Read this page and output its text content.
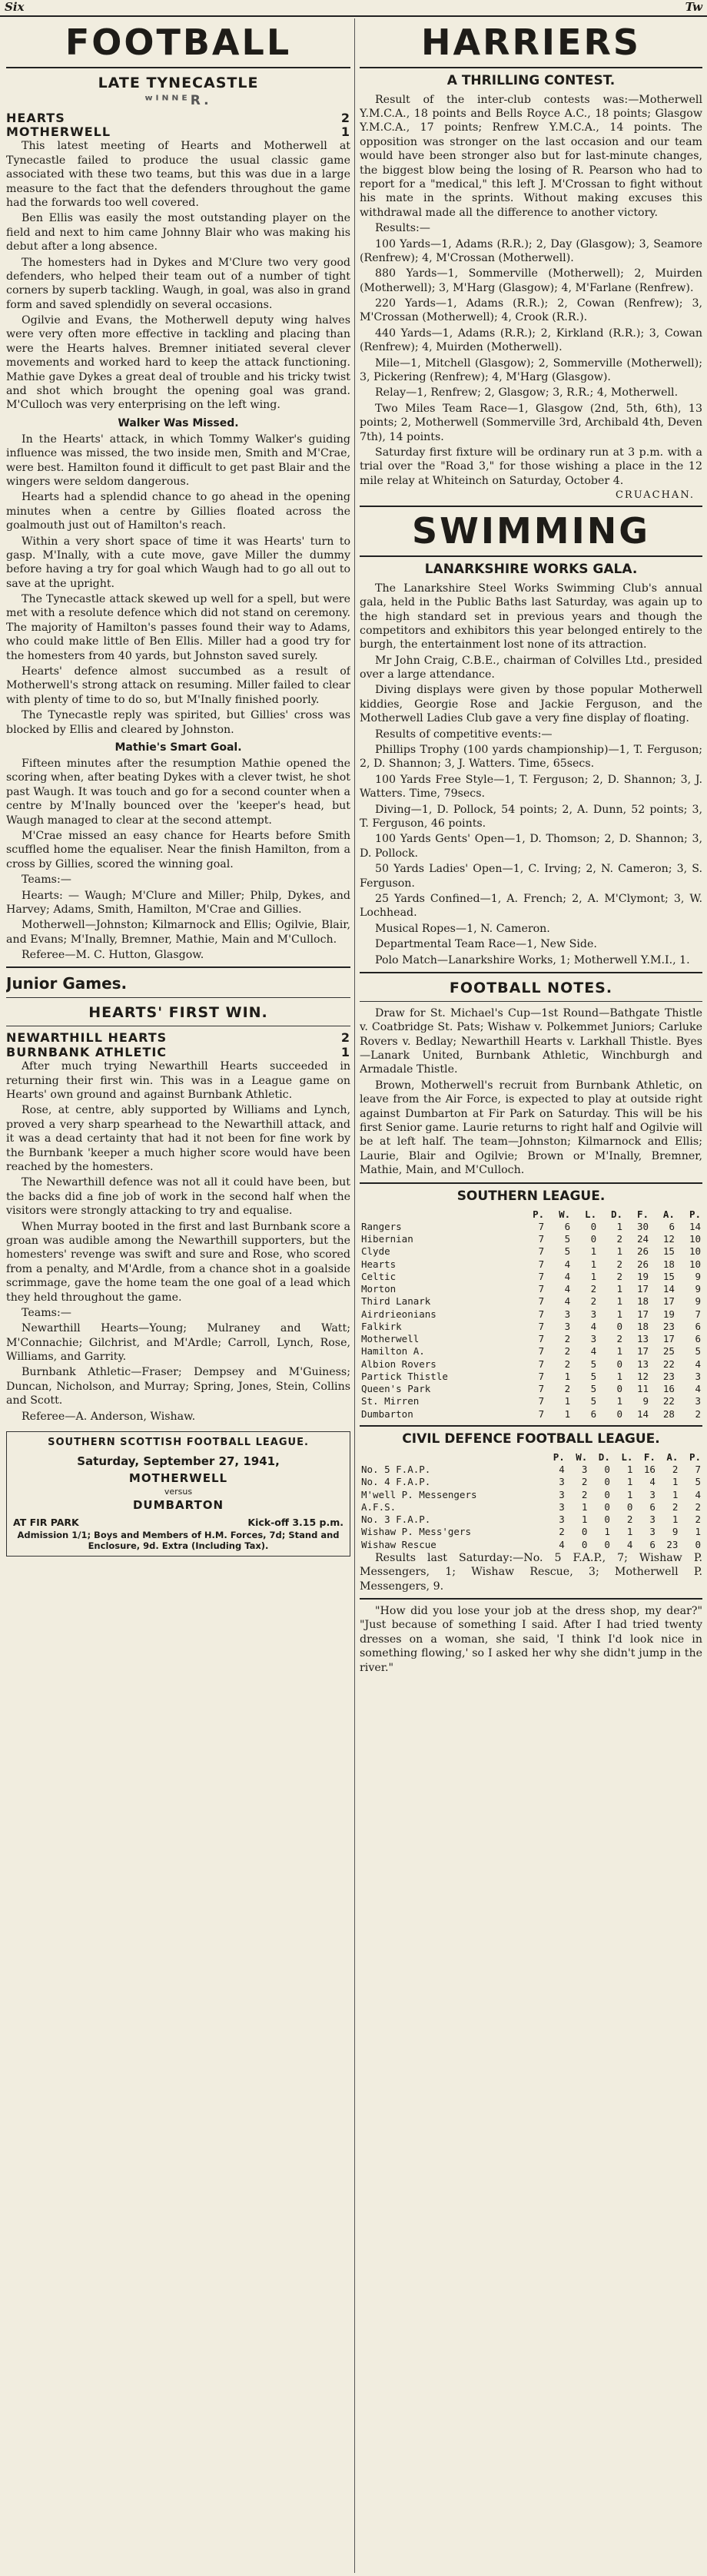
Six	Tw
FOOTBALL
LATE TYNECASTLE
ʷᴵᴺᴺᴱR.
HEARTS	2
MOTHERWELL	1

This latest meeting of Hearts and Motherwell at Tynecastle failed to produce the usual classic game associated with these two teams, but this was due in a large measure to the fact that the defenders throughout the game had the forwards too well covered.

Ben Ellis was easily the most outstanding player on the field and next to him came Johnny Blair who was making his debut after a long absence.

The homesters had in Dykes and M'Clure two very good defenders, who helped their team out of a number of tight corners by superb tackling. Waugh, in goal, was also in grand form and saved splendidly on several occasions.

Ogilvie and Evans, the Motherwell deputy wing halves were very often more effective in tackling and placing than were the Hearts halves. Bremner initiated several clever movements and worked hard to keep the attack functioning. Mathie gave Dykes a great deal of trouble and his tricky twist and shot which brought the opening goal was grand. M'Culloch was very enterprising on the left wing.

Walker Was Missed.

In the Hearts' attack, in which Tommy Walker's guiding influence was missed, the two inside men, Smith and M'Crae, were best. Hamilton found it difficult to get past Blair and the wingers were seldom dangerous.

Hearts had a splendid chance to go ahead in the opening minutes when a centre by Gillies floated across the goalmouth just out of Hamilton's reach.

Within a very short space of time it was Hearts' turn to gasp. M'Inally, with a cute move, gave Miller the dummy before having a try for goal which Waugh had to go all out to save at the upright.

The Tynecastle attack skewed up well for a spell, but were met with a resolute defence which did not stand on ceremony. The majority of Hamilton's passes found their way to Adams, who could make little of Ben Ellis. Miller had a good try for the homesters from 40 yards, but Johnston saved surely.

Hearts' defence almost succumbed as a result of Motherwell's strong attack on resuming. Miller failed to clear with plenty of time to do so, but M'Inally finished poorly.

The Tynecastle reply was spirited, but Gillies' cross was blocked by Ellis and cleared by Johnston.

Mathie's Smart Goal.

Fifteen minutes after the resumption Mathie opened the scoring when, after beating Dykes with a clever twist, he shot past Waugh. It was touch and go for a second counter when a centre by M'Inally bounced over the 'keeper's head, but Waugh managed to clear at the second attempt.

M'Crae missed an easy chance for Hearts before Smith scuffled home the equaliser. Near the finish Hamilton, from a cross by Gillies, scored the winning goal.

Teams:—

Hearts: — Waugh; M'Clure and Miller; Philp, Dykes, and Harvey; Adams, Smith, Hamilton, M'Crae and Gillies.

Motherwell—Johnston; Kilmarnock and Ellis; Ogilvie, Blair, and Evans; M'Inally, Bremner, Mathie, Main and M'Culloch.

Referee—M. C. Hutton, Glasgow.

Junior Games.
HEARTS' FIRST WIN.
NEWARTHILL HEARTS	2
BURNBANK ATHLETIC	1

After much trying Newarthill Hearts succeeded in returning their first win. This was in a League game on Hearts' own ground and against Burnbank Athletic.

Rose, at centre, ably supported by Williams and Lynch, proved a very sharp spearhead to the Newarthill attack, and it was a dead certainty that had it not been for fine work by the Burnbank 'keeper a much higher score would have been reached by the homesters.

The Newarthill defence was not all it could have been, but the backs did a fine job of work in the second half when the visitors were strongly attacking to try and equalise.

When Murray booted in the first and last Burnbank score a groan was audible among the Newarthill supporters, but the homesters' revenge was swift and sure and Rose, who scored from a penalty, and M'Ardle, from a chance shot in a goalside scrimmage, gave the home team the one goal of a lead which they held throughout the game.

Teams:—

Newarthill Hearts—Young; Mulraney and Watt; M'Connachie; Gilchrist, and M'Ardle; Carroll, Lynch, Rose, Williams, and Garrity.

Burnbank Athletic—Fraser; Dempsey and M'Guiness; Duncan, Nicholson, and Murray; Spring, Jones, Stein, Collins and Scott.

Referee—A. Anderson, Wishaw.

SOUTHERN SCOTTISH FOOTBALL LEAGUE.
Saturday, September 27, 1941,
MOTHERWELL
versus
DUMBARTON
AT FIR PARK	Kick-off 3.15 p.m.
Admission 1/1; Boys and Members of H.M. Forces, 7d; Stand and Enclosure, 9d. Extra (Including Tax).
HARRIERS
A THRILLING CONTEST.

Result of the inter-club contests was:—Motherwell Y.M.C.A., 18 points and Bells Royce A.C., 18 points; Glasgow Y.M.C.A., 17 points; Renfrew Y.M.C.A., 14 points. The opposition was stronger on the last occasion and our team would have been stronger also but for last-minute changes, the biggest blow being the losing of R. Pearson who had to report for a "medical," this left J. M'Crossan to fight without his mate in the sprints. Without making excuses this withdrawal made all the difference to another victory.

Results:—

100 Yards—1, Adams (R.R.); 2, Day (Glasgow); 3, Seamore (Renfrew); 4, M'Crossan (Motherwell).

880 Yards—1, Sommerville (Motherwell); 2, Muirden (Motherwell); 3, M'Harg (Glasgow); 4, M'Farlane (Renfrew).

220 Yards—1, Adams (R.R.); 2, Cowan (Renfrew); 3, M'Crossan (Motherwell); 4, Crook (R.R.).

440 Yards—1, Adams (R.R.); 2, Kirkland (R.R.); 3, Cowan (Renfrew); 4, Muirden (Motherwell).

Mile—1, Mitchell (Glasgow); 2, Sommerville (Motherwell); 3, Pickering (Renfrew); 4, M'Harg (Glasgow).

Relay—1, Renfrew; 2, Glasgow; 3, R.R.; 4, Motherwell.

Two Miles Team Race—1, Glasgow (2nd, 5th, 6th), 13 points; 2, Motherwell (Sommerville 3rd, Archibald 4th, Deven 7th), 14 points.

Saturday first fixture will be ordinary run at 3 p.m. with a trial over the "Road 3," for those wishing a place in the 12 mile relay at Whiteinch on Saturday, October 4.

CRUACHAN.
SWIMMING
LANARKSHIRE WORKS GALA.

The Lanarkshire Steel Works Swimming Club's annual gala, held in the Public Baths last Saturday, was again up to the high standard set in previous years and though the competitors and exhibitors this year belonged entirely to the burgh, the entertainment lost none of its attraction.

Mr John Craig, C.B.E., chairman of Colvilles Ltd., presided over a large attendance.

Diving displays were given by those popular Motherwell kiddies, Georgie Rose and Jackie Ferguson, and the Motherwell Ladies Club gave a very fine display of floating.

Results of competitive events:—

Phillips Trophy (100 yards championship)—1, T. Ferguson; 2, D. Shannon; 3, J. Watters. Time, 65secs.

100 Yards Free Style—1, T. Ferguson; 2, D. Shannon; 3, J. Watters. Time, 79secs.

Diving—1, D. Pollock, 54 points; 2, A. Dunn, 52 points; 3, T. Ferguson, 46 points.

100 Yards Gents' Open—1, D. Thomson; 2, D. Shannon; 3, D. Pollock.

50 Yards Ladies' Open—1, C. Irving; 2, N. Cameron; 3, S. Ferguson.

25 Yards Confined—1, A. French; 2, A. M'Clymont; 3, W. Lochhead.

Musical Ropes—1, N. Cameron.

Departmental Team Race—1, New Side.

Polo Match—Lanarkshire Works, 1; Motherwell Y.M.I., 1.

FOOTBALL NOTES.

Draw for St. Michael's Cup—1st Round—Bathgate Thistle v. Coatbridge St. Pats; Wishaw v. Polkemmet Juniors; Carluke Rovers v. Bedlay; Newarthill Hearts v. Larkhall Thistle. Byes—Lanark United, Burnbank Athletic, Winchburgh and Armadale Thistle.

Brown, Motherwell's recruit from Burnbank Athletic, on leave from the Air Force, is expected to play at outside right against Dumbarton at Fir Park on Saturday. This will be his first Senior game. Laurie returns to right half and Ogilvie will be at left half. The team—Johnston; Kilmarnock and Ellis; Laurie, Blair and Ogilvie; Brown or M'Inally, Bremner, Mathie, Main, and M'Culloch.

SOUTHERN LEAGUE.
	P.	W.	L.	D.	F.	A.	P.
Rangers	7	6	0	1	30	6	14
Hibernian	7	5	0	2	24	12	10
Clyde	7	5	1	1	26	15	10
Hearts	7	4	1	2	26	18	10
Celtic	7	4	1	2	19	15	9
Morton	7	4	2	1	17	14	9
Third Lanark	7	4	2	1	18	17	9
Airdrieonians	7	3	3	1	17	19	7
Falkirk	7	3	4	0	18	23	6
Motherwell	7	2	3	2	13	17	6
Hamilton A.	7	2	4	1	17	25	5
Albion Rovers	7	2	5	0	13	22	4
Partick Thistle	7	1	5	1	12	23	3
Queen's Park	7	2	5	0	11	16	4
St. Mirren	7	1	5	1	9	22	3
Dumbarton	7	1	6	0	14	28	2
CIVIL DEFENCE FOOTBALL LEAGUE.
	P.	W.	D.	L.	F.	A.	P.
No. 5 F.A.P.	4	3	0	1	16	2	7
No. 4 F.A.P.	3	2	0	1	4	1	5
M'well P. Messengers	3	2	0	1	3	1	4
A.F.S.	3	1	0	0	6	2	2
No. 3 F.A.P.	3	1	0	2	3	1	2
Wishaw P. Mess'gers	2	0	1	1	3	9	1
Wishaw Rescue	4	0	0	4	6	23	0

Results last Saturday:—No. 5 F.A.P., 7; Wishaw P. Messengers, 1; Wishaw Rescue, 3; Motherwell P. Messengers, 9.

"How did you lose your job at the dress shop, my dear?" "Just because of something I said. After I had tried twenty dresses on a woman, she said, 'I think I'd look nice in something flowing,' so I asked her why she didn't jump in the river."
